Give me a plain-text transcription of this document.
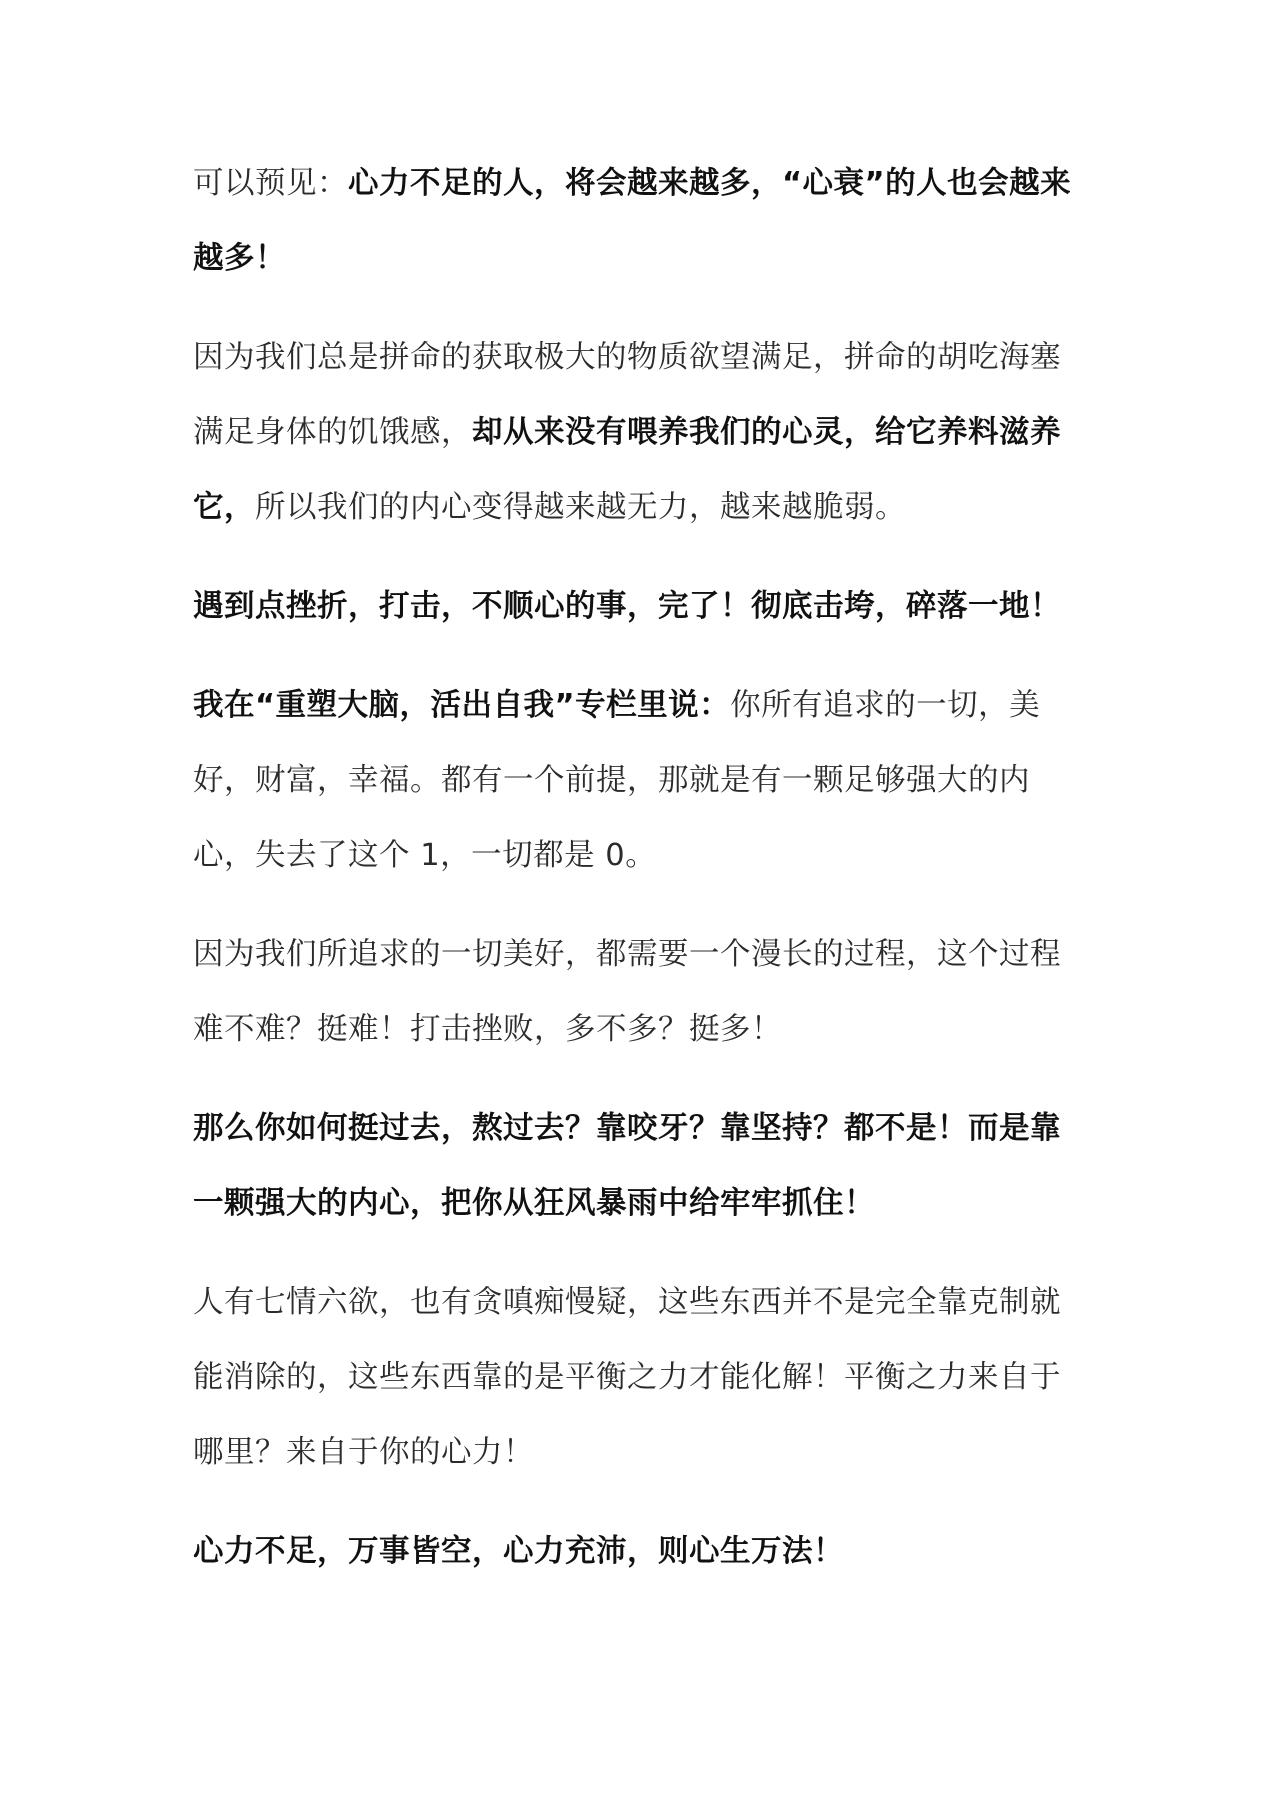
可以预见：心力不足的人，将会越来越多，“心衰”的人也会越来越多！

因为我们总是拼命的获取极大的物质欲望满足，拼命的胡吃海塞满足身体的饥饿感，却从来没有喂养我们的心灵，给它养料滋养它，所以我们的内心变得越来越无力，越来越脆弱。

遇到点挫折，打击，不顺心的事，完了！彻底击垮，碎落一地！

我在“重塑大脑，活出自我”专栏里说：你所有追求的一切，美好，财富，幸福。都有一个前提，那就是有一颗足够强大的内心，失去了这个 1，一切都是 0。

因为我们所追求的一切美好，都需要一个漫长的过程，这个过程难不难？挺难！打击挫败，多不多？挺多！

那么你如何挺过去，熬过去？靠咬牙？靠坚持？都不是！而是靠一颗强大的内心，把你从狂风暴雨中给牢牢抓住！

人有七情六欲，也有贪嗔痴慢疑，这些东西并不是完全靠克制就能消除的，这些东西靠的是平衡之力才能化解！平衡之力来自于哪里？来自于你的心力！

心力不足，万事皆空，心力充沛，则心生万法！
